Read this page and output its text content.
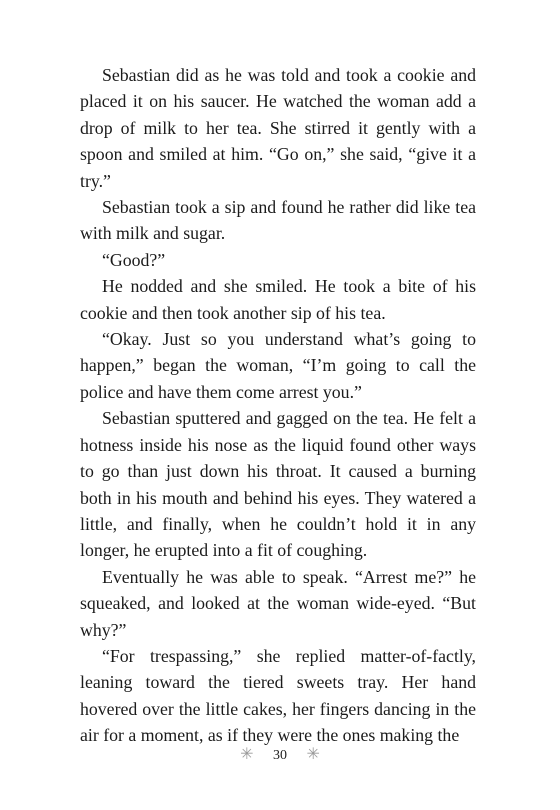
Sebastian did as he was told and took a cookie and placed it on his saucer. He watched the woman add a drop of milk to her tea. She stirred it gently with a spoon and smiled at him. “Go on,” she said, “give it a try.”

Sebastian took a sip and found he rather did like tea with milk and sugar.

“Good?”

He nodded and she smiled. He took a bite of his cookie and then took another sip of his tea.

“Okay. Just so you understand what’s going to happen,” began the woman, “I’m going to call the police and have them come arrest you.”

Sebastian sputtered and gagged on the tea. He felt a hotness inside his nose as the liquid found other ways to go than just down his throat. It caused a burning both in his mouth and behind his eyes. They watered a little, and finally, when he couldn’t hold it in any longer, he erupted into a fit of coughing.

Eventually he was able to speak. “Arrest me?” he squeaked, and looked at the woman wide-eyed. “But why?”

“For trespassing,” she replied matter-of-factly, leaning toward the tiered sweets tray. Her hand hovered over the little cakes, her fingers dancing in the air for a moment, as if they were the ones making the

✳ 30 ✳
